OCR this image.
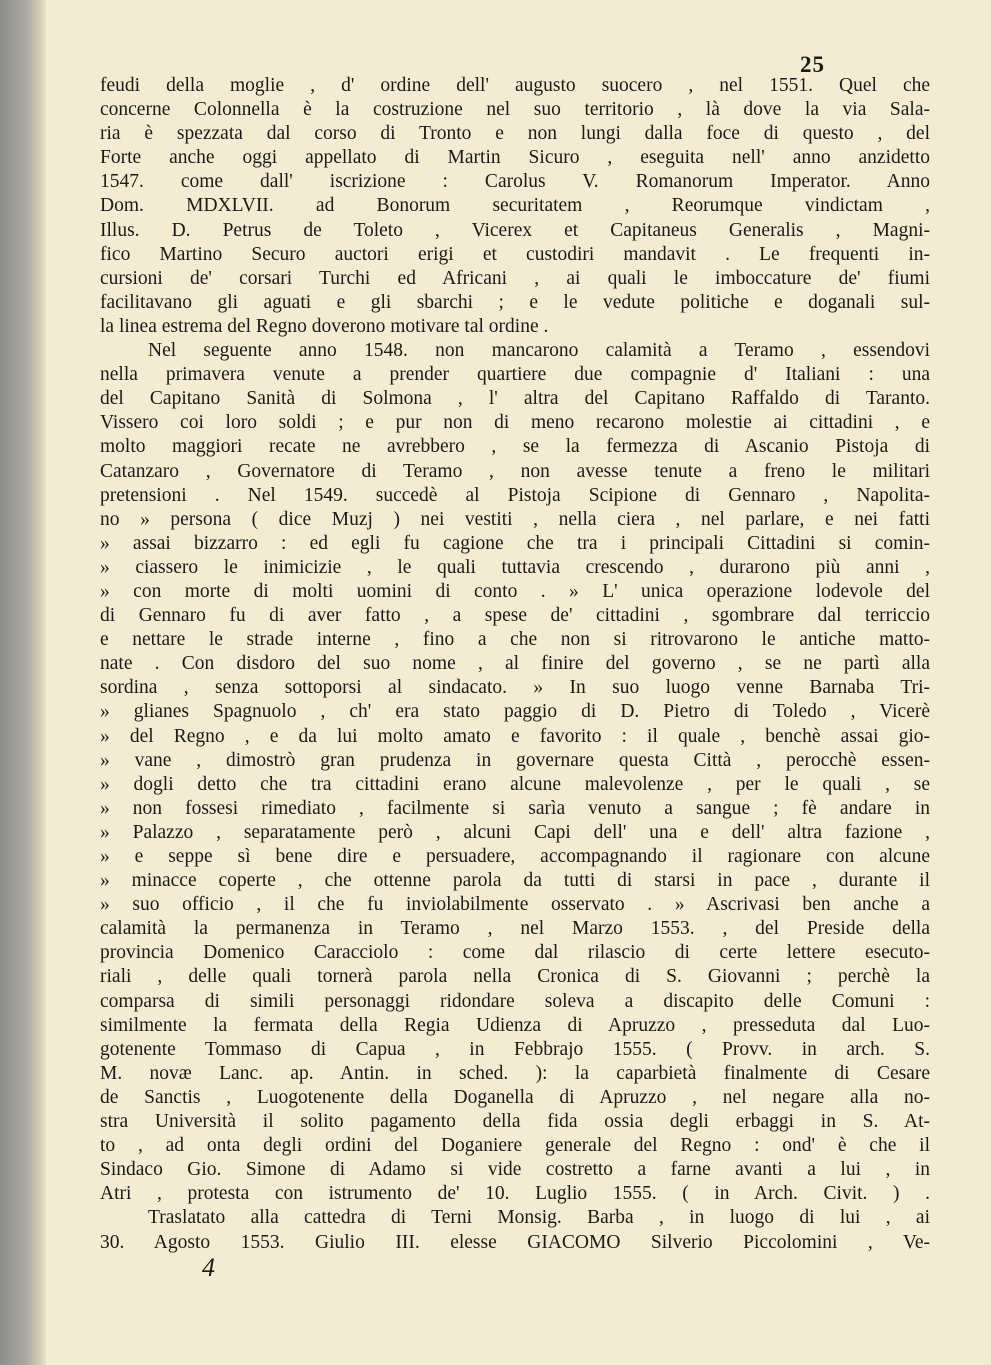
25
feudi della moglie , d' ordine dell' augusto suocero , nel 1551. Quel che
concerne Colonnella è la costruzione nel suo territorio , là dove la via Sala-
ria è spezzata dal corso di Tronto e non lungi dalla foce di questo , del
Forte anche oggi appellato di Martin Sicuro , eseguita nell' anno anzidetto
1547. come dall' iscrizione : Carolus V. Romanorum Imperator. Anno
Dom. MDXLVII. ad Bonorum securitatem , Reorumque vindictam ,
Illus. D. Petrus de Toleto , Vicerex et Capitaneus Generalis , Magni-
fico Martino Securo auctori erigi et custodiri mandavit . Le frequenti in-
cursioni de' corsari Turchi ed Africani , ai quali le imboccature de' fiumi
facilitavano gli aguati e gli sbarchi ; e le vedute politiche e doganali sul-
la linea estrema del Regno doverono motivare tal ordine .
Nel seguente anno 1548. non mancarono calamità a Teramo , essendovi
nella primavera venute a prender quartiere due compagnie d' Italiani : una
del Capitano Sanità di Solmona , l' altra del Capitano Raffaldo di Taranto.
Vissero coi loro soldi ; e pur non di meno recarono molestie ai cittadini , e
molto maggiori recate ne avrebbero , se la fermezza di Ascanio Pistoja di
Catanzaro , Governatore di Teramo , non avesse tenute a freno le militari
pretensioni . Nel 1549. succedè al Pistoja Scipione di Gennaro , Napolita-
no » persona ( dice Muzj ) nei vestiti , nella ciera , nel parlare, e nei fatti
» assai bizzarro : ed egli fu cagione che tra i principali Cittadini si comin-
» ciassero le inimicizie , le quali tuttavia crescendo , durarono più anni ,
» con morte di molti uomini di conto . » L' unica operazione lodevole del
di Gennaro fu di aver fatto , a spese de' cittadini , sgombrare dal terriccio
e nettare le strade interne , fino a che non si ritrovarono le antiche matto-
nate . Con disdoro del suo nome , al finire del governo , se ne partì alla
sordina , senza sottoporsi al sindacato. » In suo luogo venne Barnaba Tri-
» glianes Spagnuolo , ch' era stato paggio di D. Pietro di Toledo , Vicerè
» del Regno , e da lui molto amato e favorito : il quale , benchè assai gio-
» vane , dimostrò gran prudenza in governare questa Città , perocchè essen-
» dogli detto che tra cittadini erano alcune malevolenze , per le quali , se
» non fossesi rimediato , facilmente si sarìa venuto a sangue ; fè andare in
» Palazzo , separatamente però , alcuni Capi dell' una e dell' altra fazione ,
» e seppe sì bene dire e persuadere, accompagnando il ragionare con alcune
» minacce coperte , che ottenne parola da tutti di starsi in pace , durante il
» suo officio , il che fu inviolabilmente osservato . » Ascrivasi ben anche a
calamità la permanenza in Teramo , nel Marzo 1553. , del Preside della
provincia Domenico Caracciolo : come dal rilascio di certe lettere esecuto-
riali , delle quali tornerà parola nella Cronica di S. Giovanni ; perchè la
comparsa di simili personaggi ridondare soleva a discapito delle Comuni :
similmente la fermata della Regia Udienza di Apruzzo , presseduta dal Luo-
gotenente Tommaso di Capua , in Febbrajo 1555. ( Provv. in arch. S.
M. novæ Lanc. ap. Antin. in sched. ): la caparbietà finalmente di Cesare
de Sanctis , Luogotenente della Doganella di Apruzzo , nel negare alla no-
stra Università il solito pagamento della fida ossia degli erbaggi in S. At-
to , ad onta degli ordini del Doganiere generale del Regno : ond' è che il
Sindaco Gio. Simone di Adamo si vide costretto a farne avanti a lui , in
Atri , protesta con istrumento de' 10. Luglio 1555. ( in Arch. Civit. ) .
Traslatato alla cattedra di Terni Monsig. Barba , in luogo di lui , ai
30. Agosto 1553. Giulio III. elesse GIACOMO Silverio Piccolomini , Ve-
4
